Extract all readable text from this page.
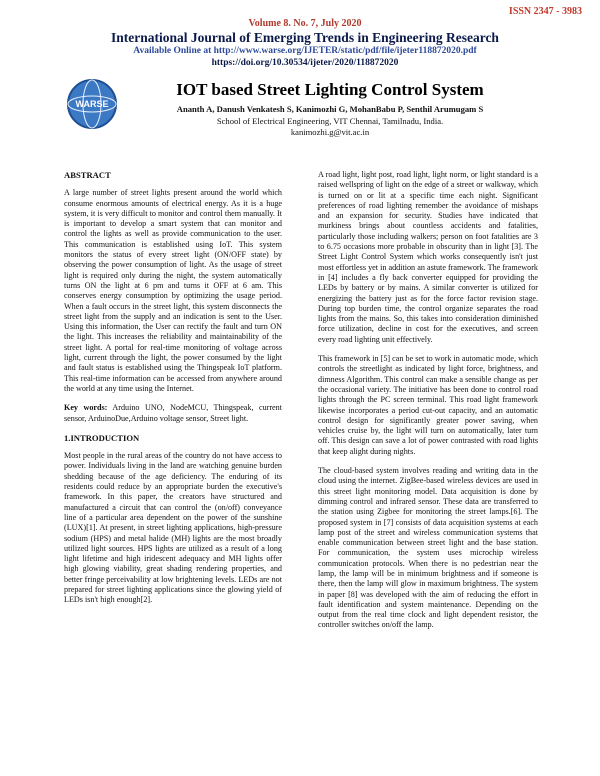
ISSN 2347 - 3983
Volume 8. No. 7, July 2020
International Journal of Emerging Trends in Engineering Research
Available Online at http://www.warse.org/IJETER/static/pdf/file/ijeter118872020.pdf
https://doi.org/10.30534/ijeter/2020/118872020
WARSE
IOT based Street Lighting Control System
Ananth A, Danush Venkatesh S, Kanimozhi G, MohanBabu P, Senthil Arumugam S
School of Electrical Engineering, VIT Chennai, Tamilnadu, India.
kanimozhi.g@vit.ac.in
ABSTRACT

A large number of street lights present around the world which consume enormous amounts of electrical energy. As it is a huge system, it is very difficult to monitor and control them manually. It is important to develop a smart system that can monitor and control the lights as well as provide communication to the user. This communication is established using IoT. This system monitors the status of every street light (ON/OFF state) by observing the power consumption of light. As the usage of street light is required only during the night, the system automatically turns ON the light at 6 pm and turns it OFF at 6 am. This conserves energy consumption by optimizing the usage period. When a fault occurs in the street light, this system disconnects the street light from the supply and an indication is sent to the User. Using this information, the User can rectify the fault and turn ON the light. This increases the reliability and maintainability of the street light. A portal for real-time monitoring of voltage across light, current through the light, the power consumed by the light and fault status is established using the Thingspeak IoT platform. This real-time information can be accessed from anywhere around the world at any time using the Internet.

Key words: Arduino UNO, NodeMCU, Thingspeak, current sensor, ArduinoDue,Arduino voltage sensor, Street light.

1.INTRODUCTION

Most people in the rural areas of the country do not have access to power. Individuals living in the land are watching genuine burden shedding because of the age deficiency. The enduring of its residents could reduce by an appropriate burden the executive's framework. In this paper, the creators have structured and manufactured a circuit that can control the (on/off) conveyance line of a particular area dependent on the power of the sunshine (LUX)[1]. At present, in street lighting applications, high-pressure sodium (HPS) and metal halide (MH) lights are the most broadly utilized light sources. HPS lights are utilized as a result of a long light lifetime and high iridescent adequacy and MH lights offer high glowing viability, great shading rendering properties, and better fringe perceivability at low brightening levels. LEDs are not prepared for street lighting applications since the glowing yield of LEDs isn't high enough[2].

A road light, light post, road light, light norm, or light standard is a raised wellspring of light on the edge of a street or walkway, which is turned on or lit at a specific time each night. Significant preferences of road lighting remember the avoidance of mishaps and an expansion for security. Studies have indicated that murkiness brings about countless accidents and fatalities, particularly those including walkers; person on foot fatalities are 3 to 6.75 occasions more probable in obscurity than in light [3]. The Street Light Control System which works consequently isn't just most effortless yet in addition an astute framework. The framework in [4] includes a fly back converter equipped for providing the LEDs by battery or by mains. A similar converter is utilized for energizing the battery just as for the force factor revision stage. During top burden time, the control organize separates the road lights from the mains. So, this takes into consideration diminished force utilization, decline in cost for the executives, and screen every road lighting unit effectively.

This framework in [5] can be set to work in automatic mode, which controls the streetlight as indicated by light force, brightness, and dimness Algorithm. This control can make a sensible change as per the occasional variety. The initiative has been done to control road lights through the PC screen terminal. This road light framework likewise incorporates a period cut-out capacity, and an automatic control design for significantly greater power saving, when vehicles cruise by, the light will turn on automatically, later turn off. This design can save a lot of power contrasted with road lights that keep alight during nights.

The cloud-based system involves reading and writing data in the cloud using the internet. ZigBee-based wireless devices are used in this street light monitoring model. Data acquisition is done by dimming control and infrared sensor. These data are transferred to the station using Zigbee for monitoring the street lamps.[6]. The proposed system in [7] consists of data acquisition systems at each lamp post of the street and wireless communication systems that enable communication between street light and the base station. For communication, the system uses microchip wireless communication protocols. When there is no pedestrian near the lamp, the lamp will be in minimum brightness and if someone is there, then the lamp will glow in maximum brightness. The system in paper [8] was developed with the aim of reducing the effort in fault identification and system maintenance. Depending on the output from the real time clock and light dependent resistor, the controller switches on/off the lamp.
